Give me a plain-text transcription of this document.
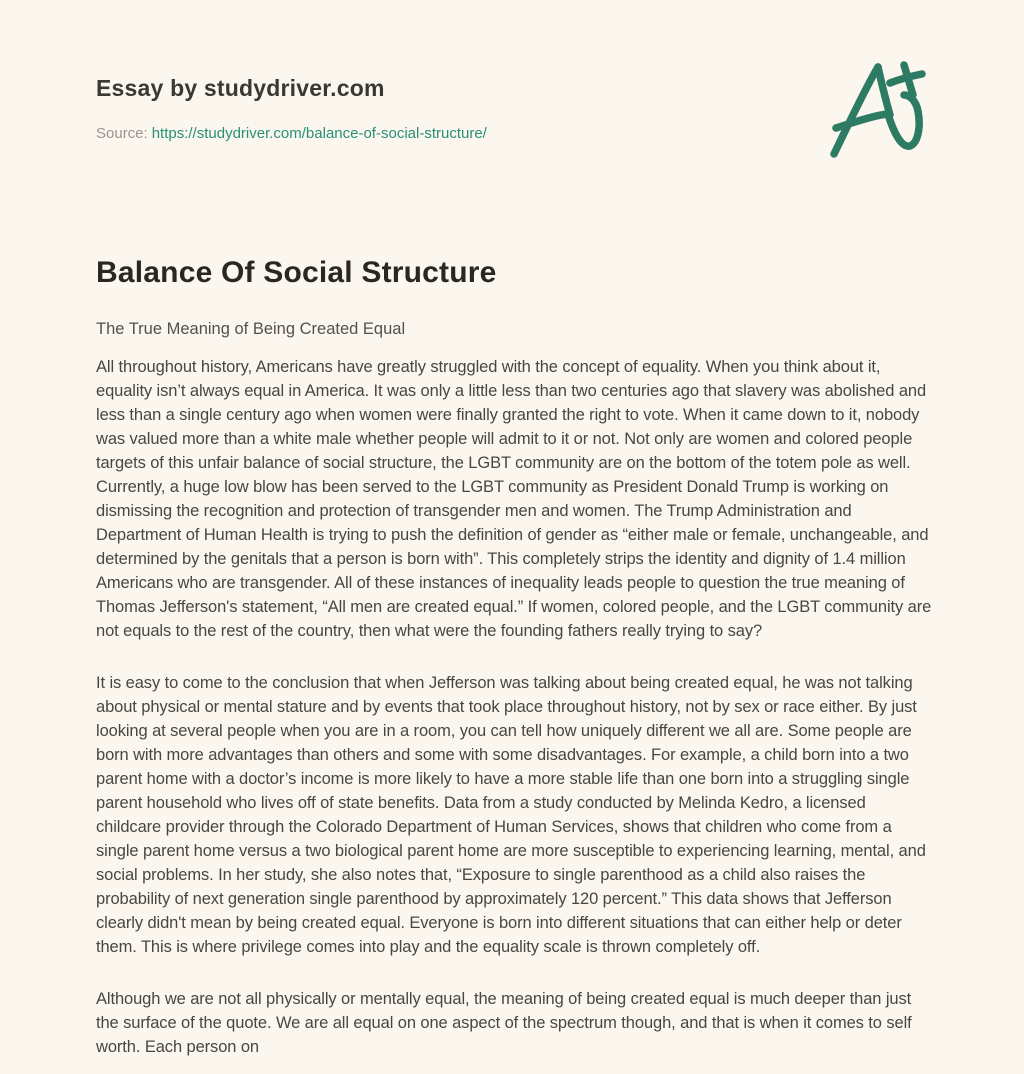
Essay by studydriver.com

Source: https://studydriver.com/balance-of-social-structure/

Balance Of Social Structure

The True Meaning of Being Created Equal

All throughout history, Americans have greatly struggled with the concept of equality. When you think about it, equality isn’t always equal in America. It was only a little less than two centuries ago that slavery was abolished and less than a single century ago when women were finally granted the right to vote. When it came down to it, nobody was valued more than a white male whether people will admit to it or not. Not only are women and colored people targets of this unfair balance of social structure, the LGBT community are on the bottom of the totem pole as well. Currently, a huge low blow has been served to the LGBT community as President Donald Trump is working on dismissing the recognition and protection of transgender men and women. The Trump Administration and Department of Human Health is trying to push the definition of gender as “either male or female, unchangeable, and determined by the genitals that a person is born with”. This completely strips the identity and dignity of 1.4 million Americans who are transgender. All of these instances of inequality leads people to question the true meaning of Thomas Jefferson's statement, “All men are created equal.” If women, colored people, and the LGBT community are not equals to the rest of the country, then what were the founding fathers really trying to say?

It is easy to come to the conclusion that when Jefferson was talking about being created equal, he was not talking about physical or mental stature and by events that took place throughout history, not by sex or race either. By just looking at several people when you are in a room, you can tell how uniquely different we all are. Some people are born with more advantages than others and some with some disadvantages. For example, a child born into a two parent home with a doctor’s income is more likely to have a more stable life than one born into a struggling single parent household who lives off of state benefits. Data from a study conducted by Melinda Kedro, a licensed childcare provider through the Colorado Department of Human Services, shows that children who come from a single parent home versus a two biological parent home are more susceptible to experiencing learning, mental, and social problems. In her study, she also notes that, “Exposure to single parenthood as a child also raises the probability of next generation single parenthood by approximately 120 percent.” This data shows that Jefferson clearly didn't mean by being created equal. Everyone is born into different situations that can either help or deter them. This is where privilege comes into play and the equality scale is thrown completely off.

Although we are not all physically or mentally equal, the meaning of being created equal is much deeper than just the surface of the quote. We are all equal on one aspect of the spectrum though, and that is when it comes to self worth. Each person on
